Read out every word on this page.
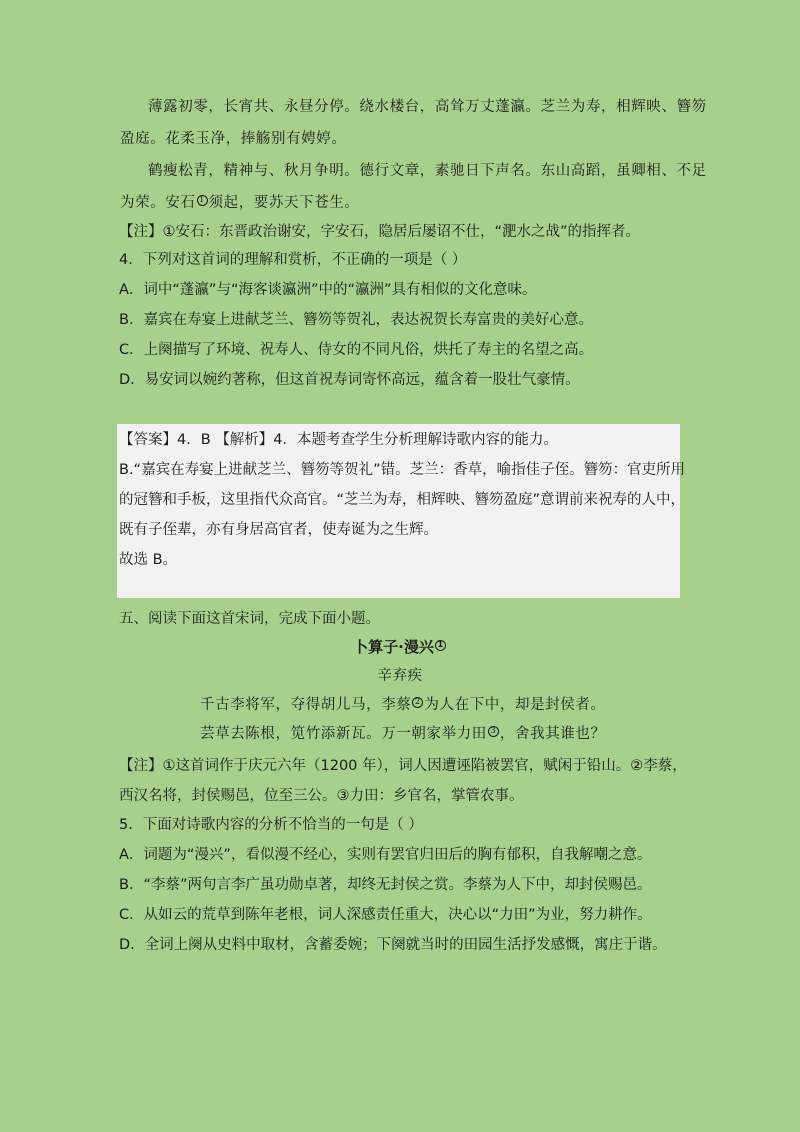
薄露初零，长宵共、永昼分停。绕水楼台，高耸万丈蓬瀛。芝兰为寿，相辉映、簪笏
盈庭。花柔玉净，捧觞别有娉婷。
鹤瘦松青，精神与、秋月争明。德行文章，素驰日下声名。东山高蹈，虽卿相、不足
为荣。安石 1 须起，要苏天下苍生。
【注】①安石：东晋政治谢安，字安石，隐居后屡诏不仕，“淝水之战”的指挥者。
4．下列对这首词的理解和赏析，不正确的一项是（ ）
A．词中“蓬瀛”与“海客谈瀛洲”中的“瀛洲”具有相似的文化意味。
B．嘉宾在寿宴上进献芝兰、簪笏等贺礼，表达祝贺长寿富贵的美好心意。
C．上阕描写了环境、祝寿人、侍女的不同凡俗，烘托了寿主的名望之高。
D．易安词以婉约著称，但这首祝寿词寄怀高远，蕴含着一股壮气豪情。
【答案】4．B 【解析】4．本题考查学生分析理解诗歌内容的能力。
B.“嘉宾在寿宴上进献芝兰、簪笏等贺礼”错。芝兰：香草，喻指佳子侄。簪笏：官吏所用
的冠簪和手板，这里指代众高官。“芝兰为寿，相辉映、簪笏盈庭”意谓前来祝寿的人中，
既有子侄辈，亦有身居高官者，使寿诞为之生辉。
故选 B。
五、阅读下面这首宋词，完成下面小题。
卜算子·漫兴 1
辛弃疾
千古李将军，夺得胡儿马，李蔡 2 为人在下中，却是封侯者。
芸草去陈根，笕竹添新瓦。万一朝家举力田 3 ，舍我其谁也？
【注】①这首词作于庆元六年（1200 年），词人因遭诬陷被罢官，赋闲于铅山。②李蔡，
西汉名将，封侯赐邑，位至三公。③力田：乡官名，掌管农事。
5．下面对诗歌内容的分析不恰当的一句是（ ）
A．词题为“漫兴”，看似漫不经心，实则有罢官归田后的胸有郁积，自我解嘲之意。
B．“李蔡”两句言李广虽功勋卓著，却终无封侯之赏。李蔡为人下中，却封侯赐邑。
C．从如云的荒草到陈年老根，词人深感责任重大，决心以“力田”为业，努力耕作。
D．全词上阕从史料中取材，含蓄委婉；下阕就当时的田园生活抒发感慨，寓庄于谐。
